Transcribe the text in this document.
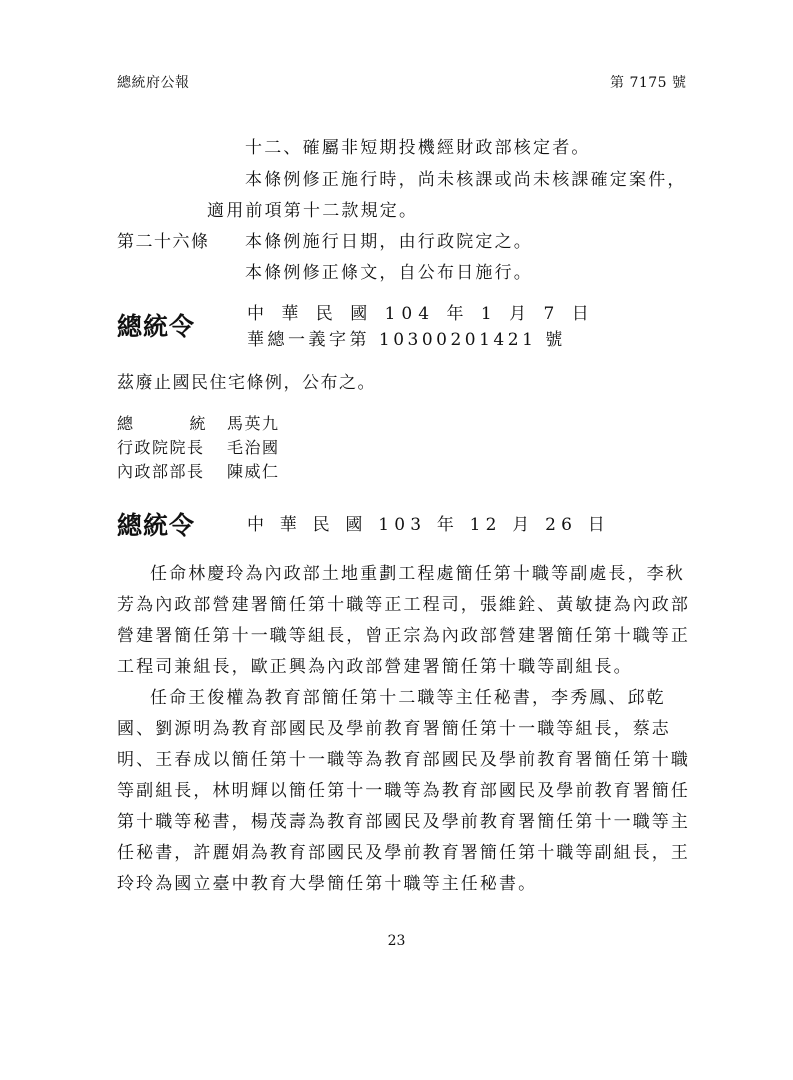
總統府公報	第 7175 號
十二、確屬非短期投機經財政部核定者。
本條例修正施行時，尚未核課或尚未核課確定案件，
適用前項第十二款規定。
第二十六條 本條例施行日期，由行政院定之。
本條例修正條文，自公布日施行。
總統令	中 華 民 國 104 年 1 月 7 日
華總一義字第 10300201421 號
茲廢止國民住宅條例，公布之。
總統 馬英九
行政院院長 毛治國
內政部部長 陳威仁
總統令	中 華 民 國 103 年 12 月 26 日
任命林慶玲為內政部土地重劃工程處簡任第十職等副處長，李秋
芳為內政部營建署簡任第十職等正工程司，張維銓、黃敏捷為內政部
營建署簡任第十一職等組長，曾正宗為內政部營建署簡任第十職等正
工程司兼組長，歐正興為內政部營建署簡任第十職等副組長。
任命王俊權為教育部簡任第十二職等主任秘書，李秀鳳、邱乾
國、劉源明為教育部國民及學前教育署簡任第十一職等組長，蔡志
明、王春成以簡任第十一職等為教育部國民及學前教育署簡任第十職
等副組長，林明輝以簡任第十一職等為教育部國民及學前教育署簡任
第十職等秘書，楊茂壽為教育部國民及學前教育署簡任第十一職等主
任秘書，許麗娟為教育部國民及學前教育署簡任第十職等副組長，王
玲玲為國立臺中教育大學簡任第十職等主任秘書。
23
